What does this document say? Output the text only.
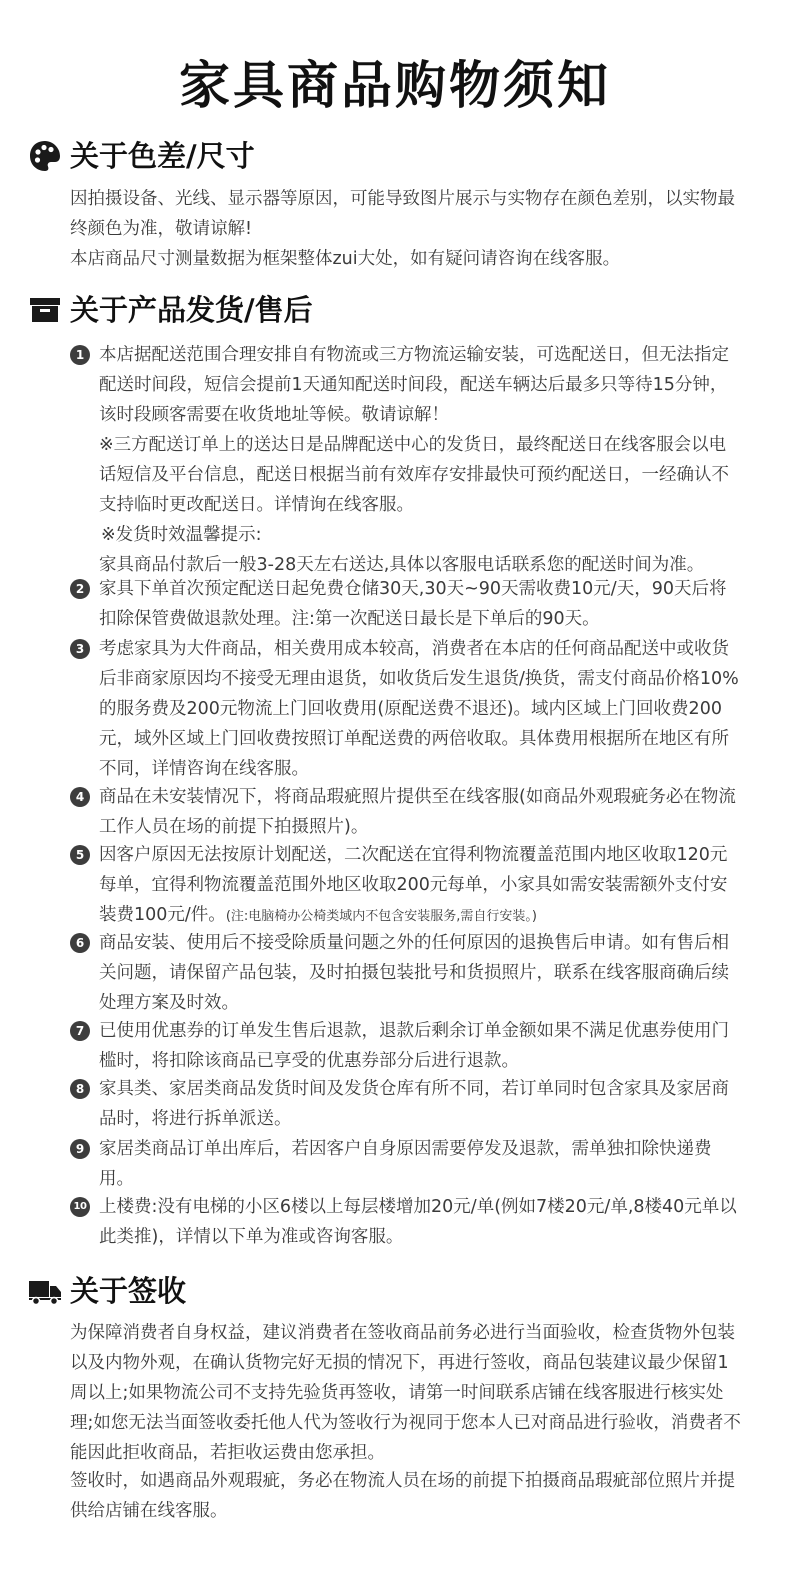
家具商品购物须知
关于色差/尺寸

因拍摄设备、光线、显示器等原因，可能导致图片展示与实物存在颜色差别，以实物最终颜色为准，敬请谅解!

本店商品尺寸测量数据为框架整体zui大处，如有疑问请咨询在线客服。

关于产品发货/售后
1 本店据配送范围合理安排自有物流或三方物流运输安装，可选配送日，但无法指定配送时间段，短信会提前1天通知配送时间段，配送车辆达后最多只等待15分钟，该时段顾客需要在收货地址等候。敬请谅解！

※三方配送订单上的送达日是品牌配送中心的发货日，最终配送日在线客服会以电话短信及平台信息，配送日根据当前有效库存安排最快可预约配送日，一经确认不支持临时更改配送日。详情询在线客服。

※发货时效温馨提示:

家具商品付款后一般3-28天左右送达,具体以客服电话联系您的配送时间为准。

2 家具下单首次预定配送日起免费仓储30天,30天~90天需收费10元/天，90天后将扣除保管费做退款处理。注:第一次配送日最长是下单后的90天。

3 考虑家具为大件商品，相关费用成本较高，消费者在本店的任何商品配送中或收货后非商家原因均不接受无理由退货，如收货后发生退货/换货，需支付商品价格10%的服务费及200元物流上门回收费用(原配送费不退还)。域内区域上门回收费200元，域外区域上门回收费按照订单配送费的两倍收取。具体费用根据所在地区有所不同，详情咨询在线客服。

4 商品在未安装情况下，将商品瑕疵照片提供至在线客服(如商品外观瑕疵务必在物流工作人员在场的前提下拍摄照片)。

5 因客户原因无法按原计划配送，二次配送在宜得利物流覆盖范围内地区收取120元每单，宜得利物流覆盖范围外地区收取200元每单，小家具如需安装需额外支付安装费100元/件。(注:电脑椅办公椅类域内不包含安装服务,需自行安装。)

6 商品安装、使用后不接受除质量问题之外的任何原因的退换售后申请。如有售后相关问题，请保留产品包装，及时拍摄包装批号和货损照片，联系在线客服商确后续处理方案及时效。

7 已使用优惠券的订单发生售后退款，退款后剩余订单金额如果不满足优惠券使用门槛时，将扣除该商品已享受的优惠券部分后进行退款。

8 家具类、家居类商品发货时间及发货仓库有所不同，若订单同时包含家具及家居商品时，将进行拆单派送。

9 家居类商品订单出库后，若因客户自身原因需要停发及退款，需单独扣除快递费用。

10 上楼费:没有电梯的小区6楼以上每层楼增加20元/单(例如7楼20元/单,8楼40元单以此类推)，详情以下单为准或咨询客服。

关于签收

为保障消费者自身权益，建议消费者在签收商品前务必进行当面验收，检查货物外包装以及内物外观，在确认货物完好无损的情况下，再进行签收，商品包装建议最少保留1周以上;如果物流公司不支持先验货再签收，请第一时间联系店铺在线客服进行核实处理;如您无法当面签收委托他人代为签收行为视同于您本人已对商品进行验收，消费者不能因此拒收商品，若拒收运费由您承担。

签收时，如遇商品外观瑕疵，务必在物流人员在场的前提下拍摄商品瑕疵部位照片并提供给店铺在线客服。
